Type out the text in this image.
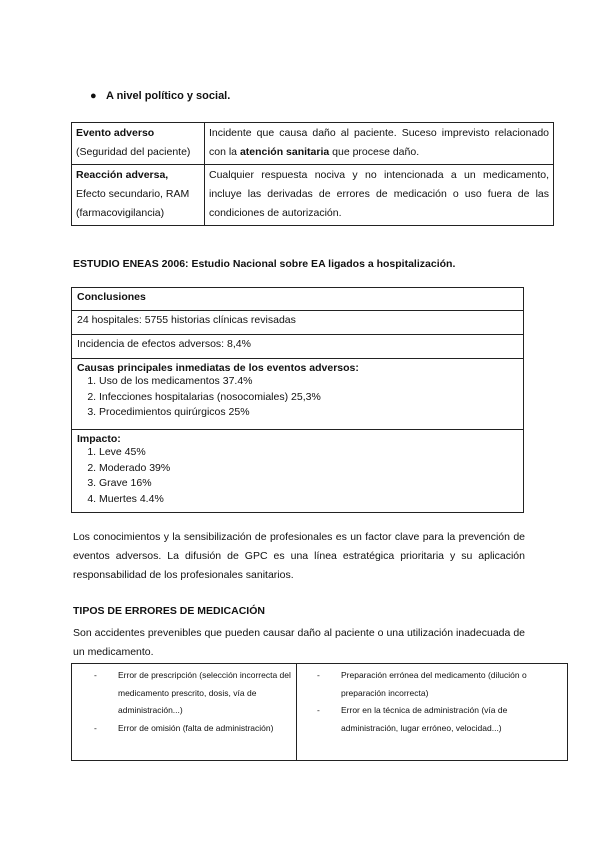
● A nivel político y social.
Evento adverso
(Seguridad del paciente)	Incidente que causa daño al paciente. Suceso imprevisto relacionado con la atención sanitaria que procese daño.
Reacción adversa,
Efecto secundario, RAM (farmacovigilancia)	Cualquier respuesta nociva y no intencionada a un medicamento, incluye las derivadas de errores de medicación o uso fuera de las condiciones de autorización.
ESTUDIO ENEAS 2006: Estudio Nacional sobre EA ligados a hospitalización.
Conclusiones
24 hospitales: 5755 historias clínicas revisadas
Incidencia de efectos adversos: 8,4%
Causas principales inmediatas de los eventos adversos:
1. Uso de los medicamentos 37.4%
2. Infecciones hospitalarias (nosocomiales) 25,3%
3. Procedimientos quirúrgicos 25%
Impacto:
1. Leve 45%
2. Moderado 39%
3. Grave 16%
4. Muertes 4.4%
Los conocimientos y la sensibilización de profesionales es un factor clave para la prevención de eventos adversos. La difusión de GPC es una línea estratégica prioritaria y su aplicación responsabilidad de los profesionales sanitarios.
TIPOS DE ERRORES DE MEDICACIÓN
Son accidentes prevenibles que pueden causar daño al paciente o una utilización inadecuada de un medicamento.
- Error de prescripción (selección incorrecta del medicamento prescrito, dosis, vía de administración...)
- Error de omisión (falta de administración)
- Preparación errónea del medicamento (dilución o preparación incorrecta)
- Error en la técnica de administración (vía de administración, lugar erróneo, velocidad...)
